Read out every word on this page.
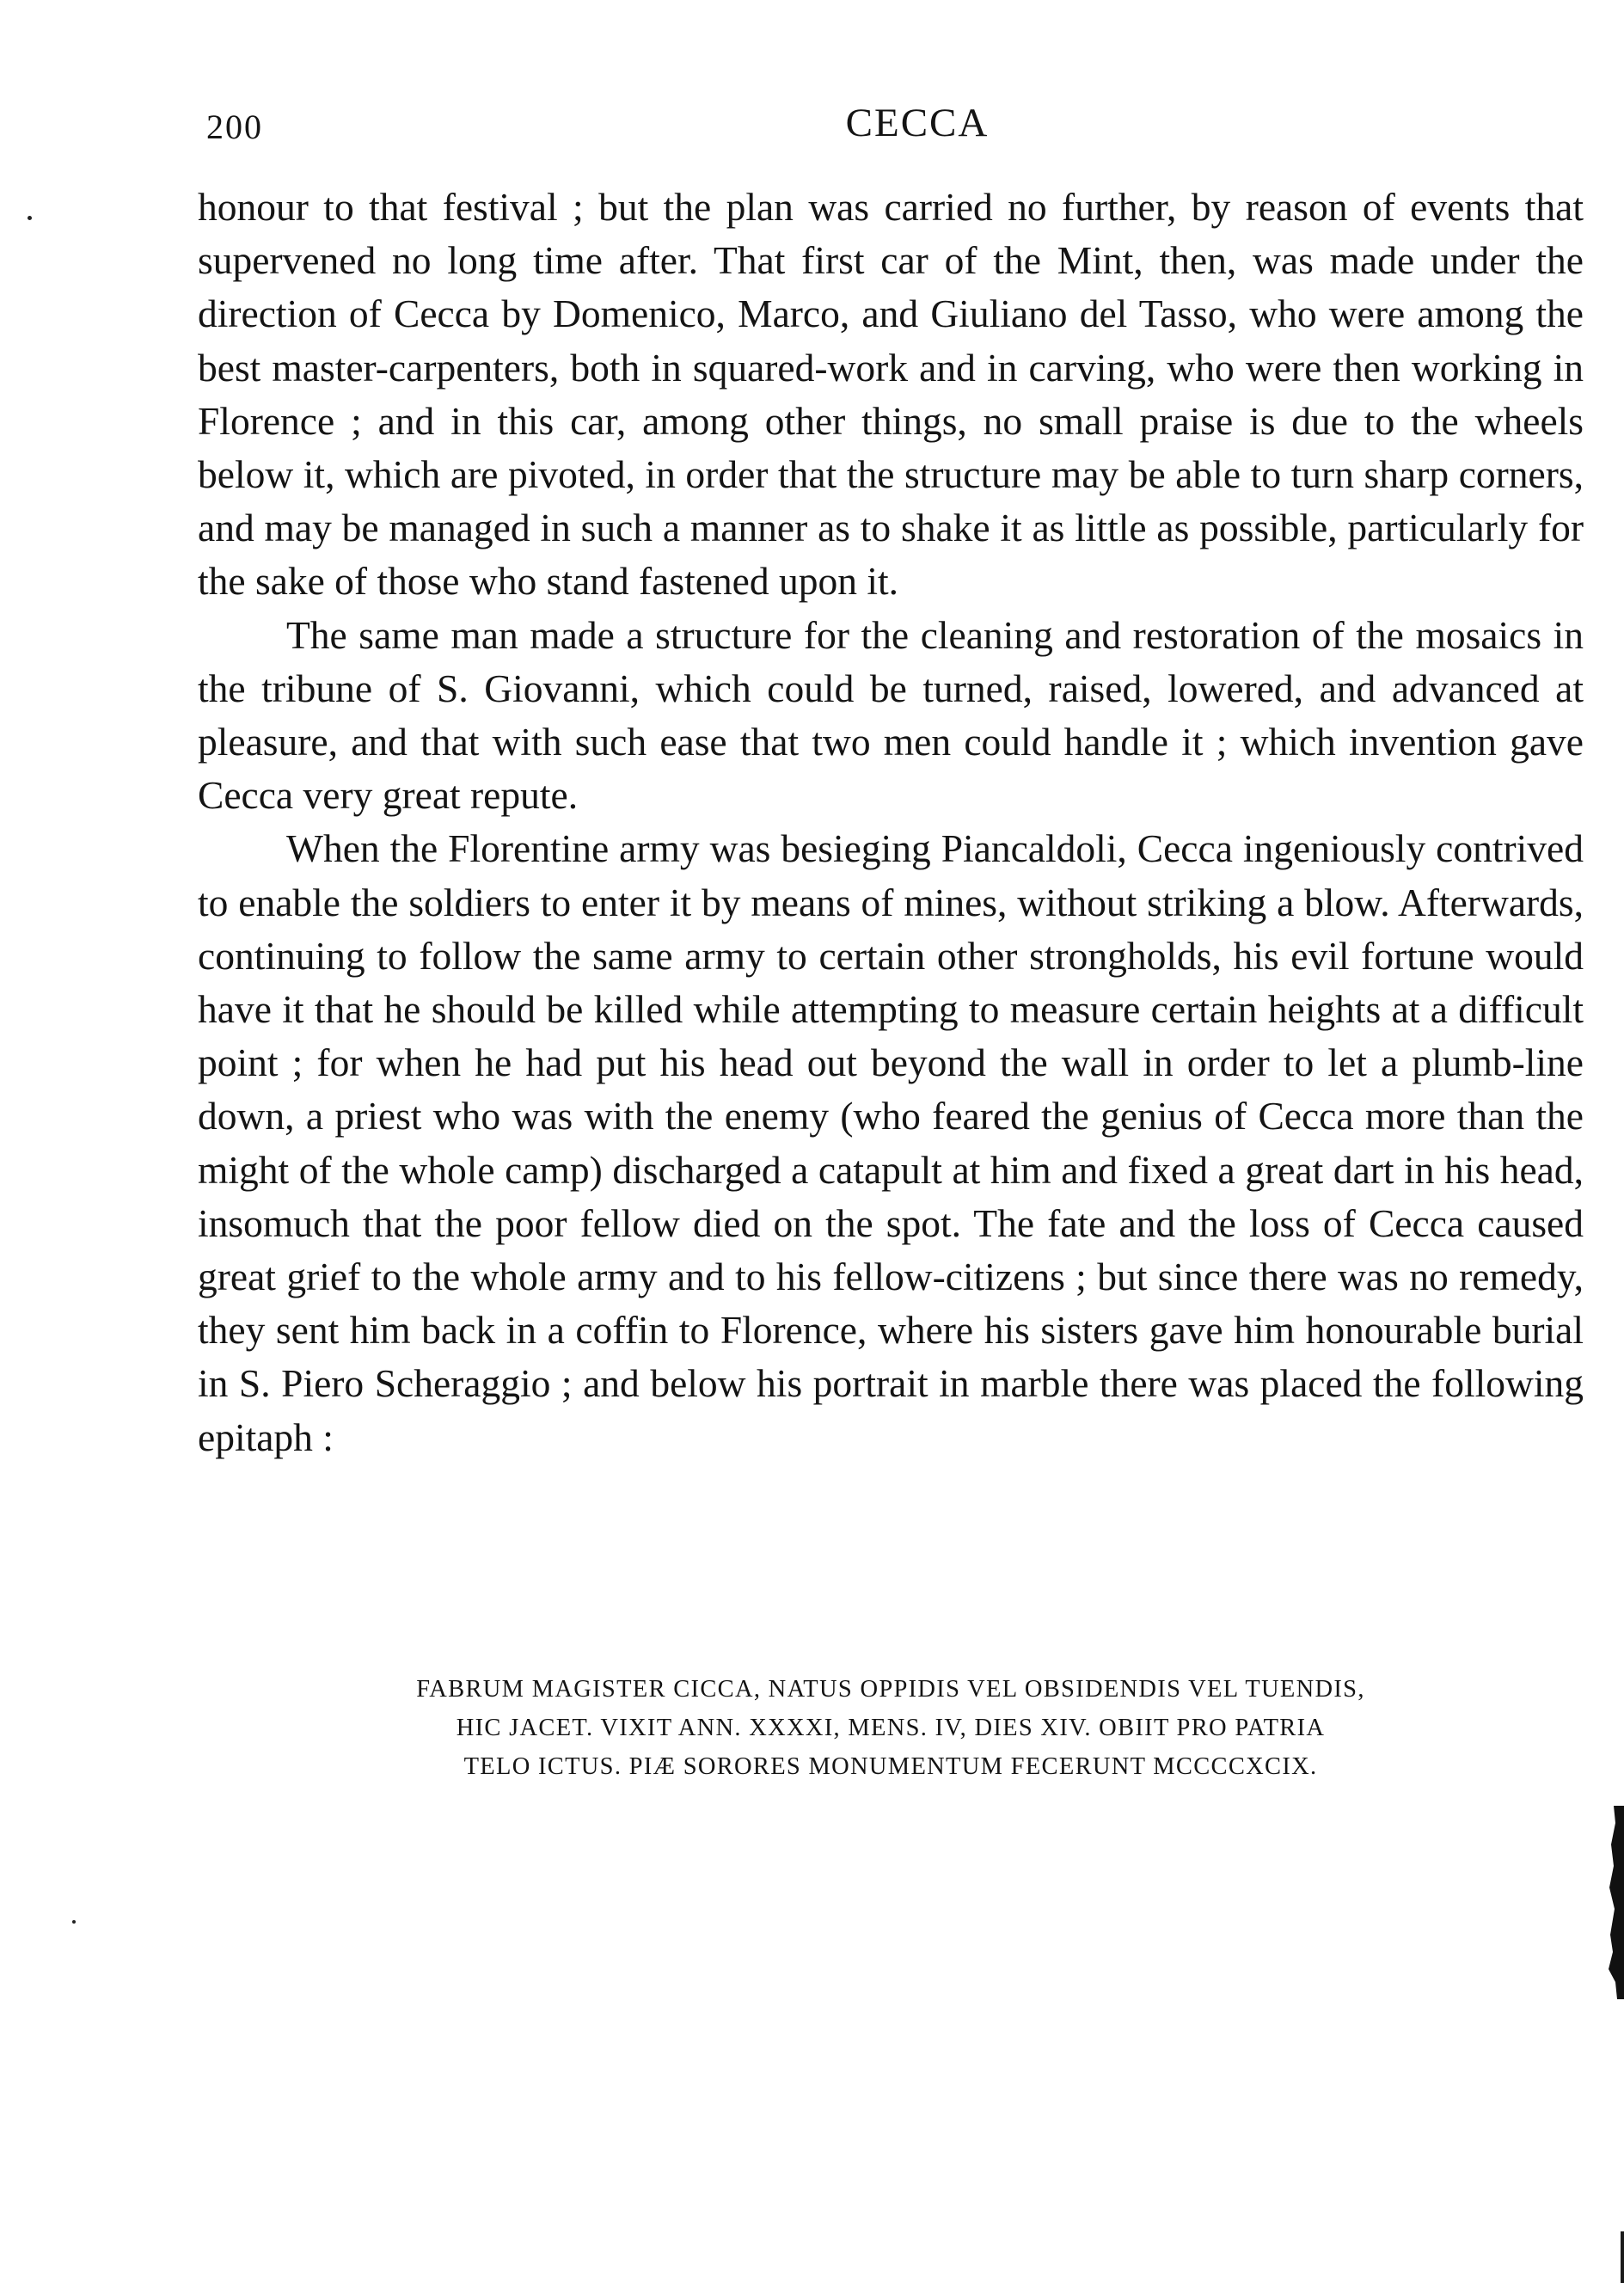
200	CECCA

honour to that festival ; but the plan was carried no further, by reason of events that supervened no long time after. That first car of the Mint, then, was made under the direction of Cecca by Domenico, Marco, and Giuliano del Tasso, who were among the best master-carpenters, both in squared-work and in carving, who were then working in Florence ; and in this car, among other things, no small praise is due to the wheels below it, which are pivoted, in order that the structure may be able to turn sharp corners, and may be managed in such a manner as to shake it as little as possible, particularly for the sake of those who stand fastened upon it.

The same man made a structure for the cleaning and restoration of the mosaics in the tribune of S. Giovanni, which could be turned, raised, lowered, and advanced at pleasure, and that with such ease that two men could handle it ; which invention gave Cecca very great repute.

When the Florentine army was besieging Piancaldoli, Cecca ingeniously contrived to enable the soldiers to enter it by means of mines, without striking a blow. Afterwards, continuing to follow the same army to certain other strongholds, his evil fortune would have it that he should be killed while attempting to measure certain heights at a difficult point ; for when he had put his head out beyond the wall in order to let a plumb-line down, a priest who was with the enemy (who feared the genius of Cecca more than the might of the whole camp) discharged a catapult at him and fixed a great dart in his head, insomuch that the poor fellow died on the spot. The fate and the loss of Cecca caused great grief to the whole army and to his fellow-citizens ; but since there was no remedy, they sent him back in a coffin to Florence, where his sisters gave him honourable burial in S. Piero Scheraggio ; and below his portrait in marble there was placed the following epitaph :

FABRUM MAGISTER CICCA, NATUS OPPIDIS VEL OBSIDENDIS VEL TUENDIS,
HIC JACET. VIXIT ANN. XXXXI, MENS. IV, DIES XIV. OBIIT PRO PATRIA
TELO ICTUS. PIÆ SORORES MONUMENTUM FECERUNT MCCCCXCIX.
